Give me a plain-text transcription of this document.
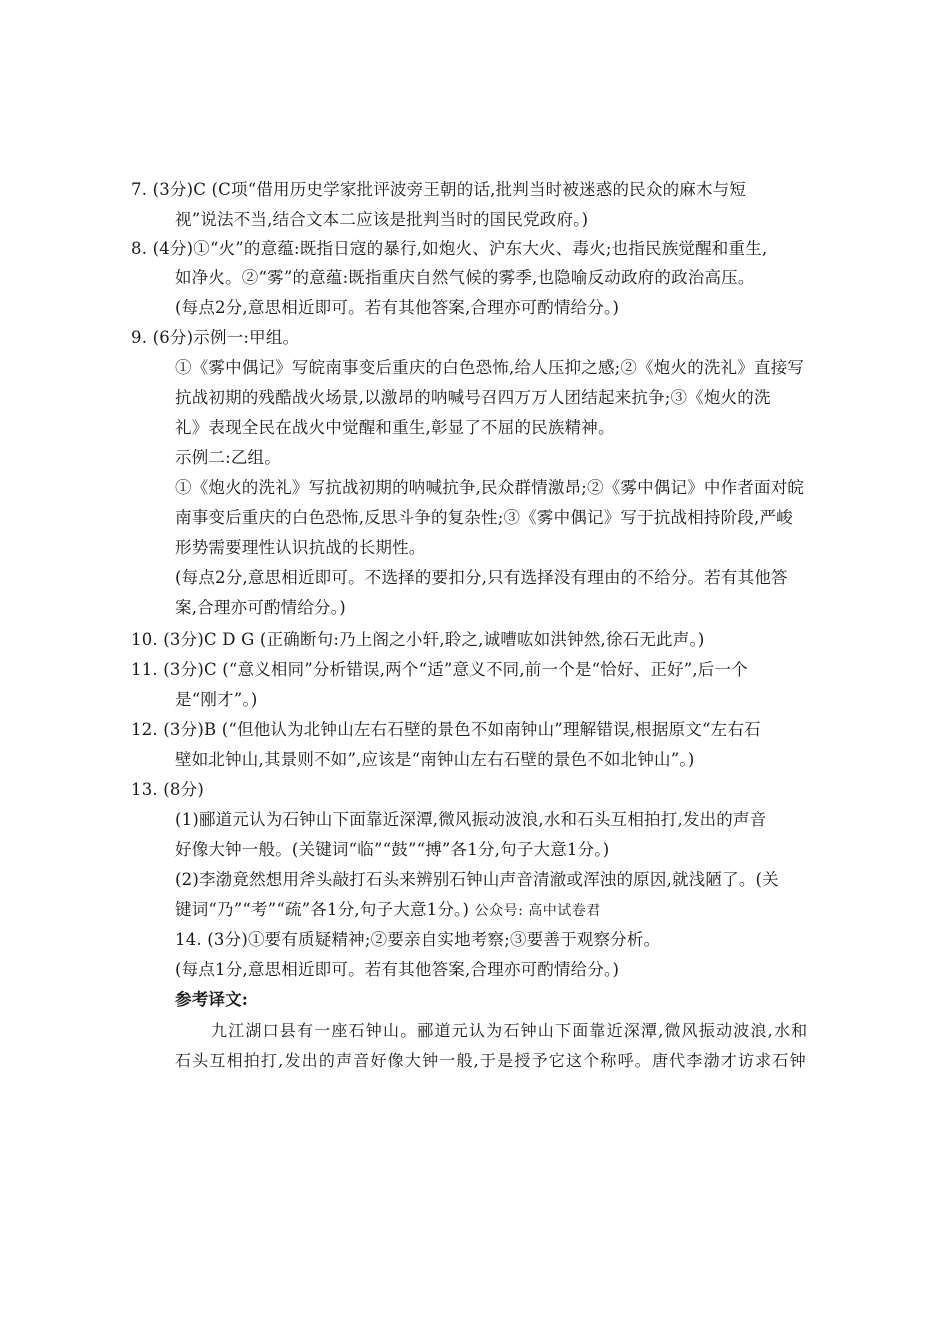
7. (3分)C (C项“借用历史学家批评波旁王朝的话,批判当时被迷惑的民众的麻木与短
视”说法不当,结合文本二应该是批判当时的国民党政府。)
8. (4分)①“火”的意蕴:既指日寇的暴行,如炮火、沪东大火、毒火;也指民族觉醒和重生,
如净火。②“雾”的意蕴:既指重庆自然气候的雾季,也隐喻反动政府的政治高压。
(每点2分,意思相近即可。若有其他答案,合理亦可酌情给分。)
9. (6分)示例一:甲组。
①《雾中偶记》写皖南事变后重庆的白色恐怖,给人压抑之感;②《炮火的洗礼》直接写
抗战初期的残酷战火场景,以激昂的呐喊号召四万万人团结起来抗争;③《炮火的洗
礼》表现全民在战火中觉醒和重生,彰显了不屈的民族精神。
示例二:乙组。
①《炮火的洗礼》写抗战初期的呐喊抗争,民众群情激昂;②《雾中偶记》中作者面对皖
南事变后重庆的白色恐怖,反思斗争的复杂性;③《雾中偶记》写于抗战相持阶段,严峻
形势需要理性认识抗战的长期性。
(每点2分,意思相近即可。不选择的要扣分,只有选择没有理由的不给分。若有其他答
案,合理亦可酌情给分。)
10. (3分)C D G (正确断句:乃上阁之小轩,聆之,诚嘈吰如洪钟然,徐石无此声。)
11. (3分)C (“意义相同”分析错误,两个“适”意义不同,前一个是“恰好、正好”,后一个
是“刚才”。)
12. (3分)B (“但他认为北钟山左右石壁的景色不如南钟山”理解错误,根据原文“左右石
壁如北钟山,其景则不如”,应该是“南钟山左右石壁的景色不如北钟山”。)
13. (8分)
(1)郦道元认为石钟山下面靠近深潭,微风振动波浪,水和石头互相拍打,发出的声音
好像大钟一般。(关键词“临”“鼓”“搏”各1分,句子大意1分。)
(2)李渤竟然想用斧头敲打石头来辨别石钟山声音清澈或浑浊的原因,就浅陋了。(关
键词“乃”“考”“疏”各1分,句子大意1分。) 公众号: 高中试卷君
14. (3分)①要有质疑精神;②要亲自实地考察;③要善于观察分析。
(每点1分,意思相近即可。若有其他答案,合理亦可酌情给分。)
参考译文:
九江湖口县有一座石钟山。郦道元认为石钟山下面靠近深潭,微风振动波浪,水和
石头互相拍打,发出的声音好像大钟一般,于是授予它这个称呼。唐代李渤才访求石钟
